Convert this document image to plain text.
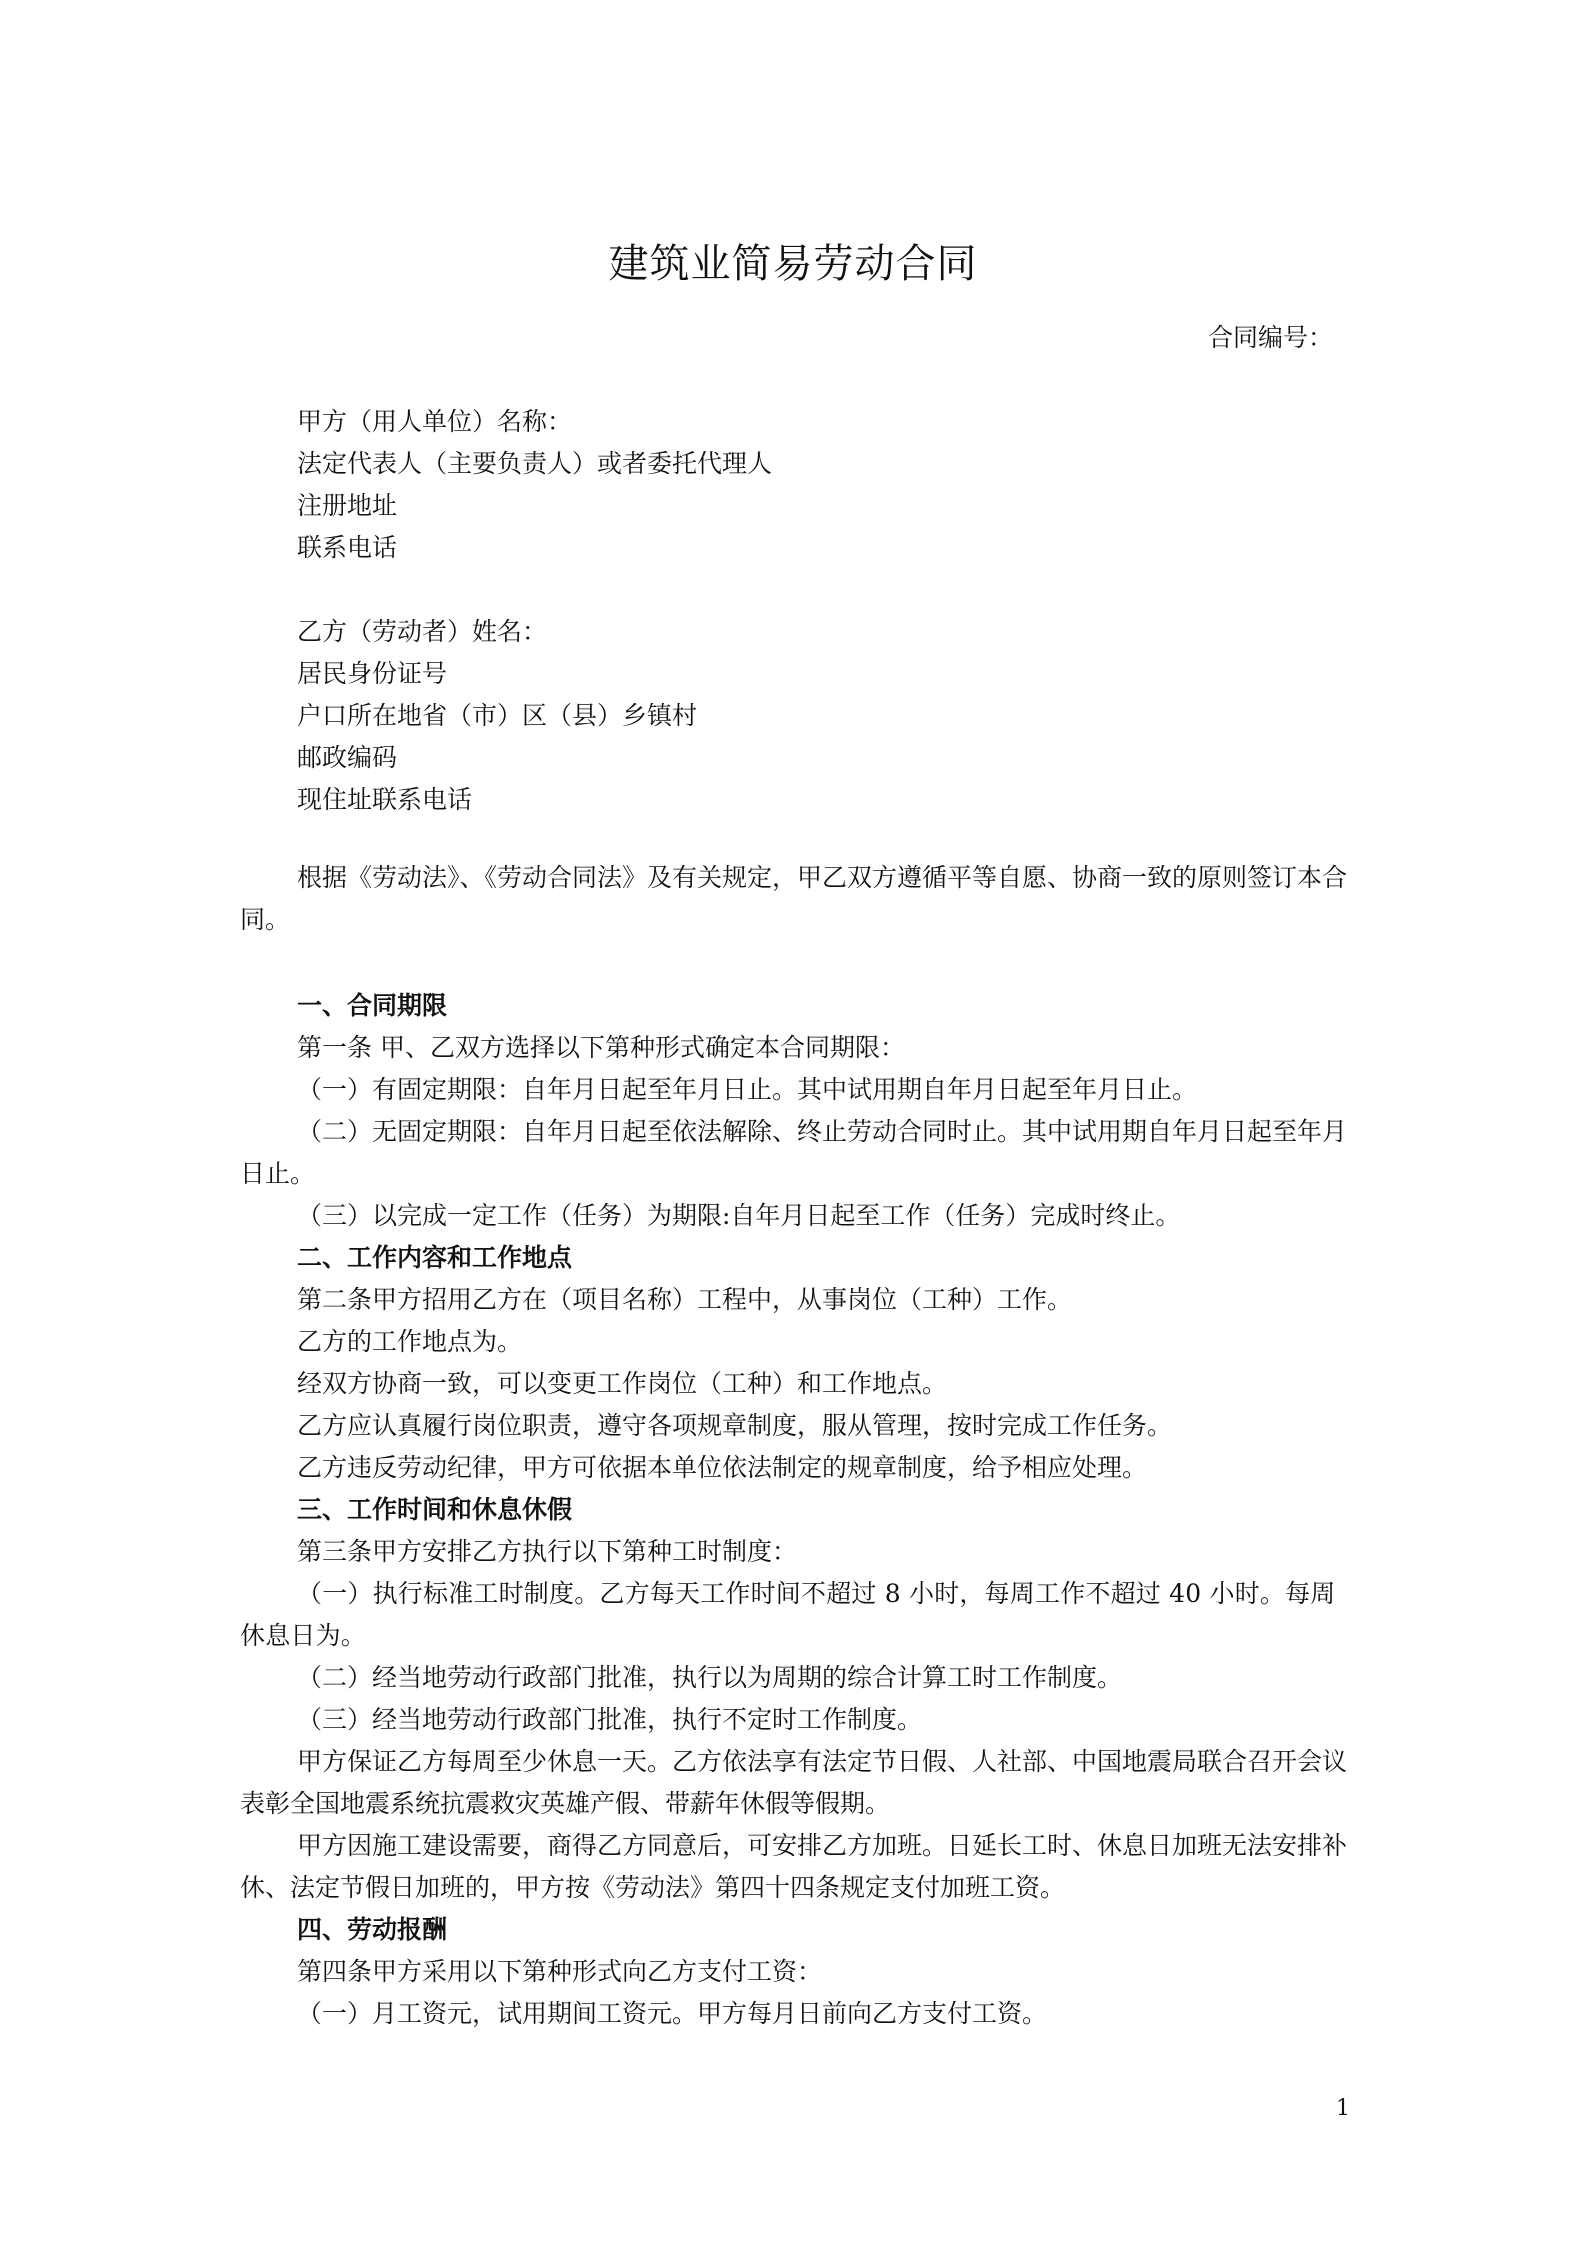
建筑业简易劳动合同
合同编号：
甲方（用人单位）名称：
法定代表人（主要负责人）或者委托代理人
注册地址
联系电话
乙方（劳动者）姓名：
居民身份证号
户口所在地省（市）区（县）乡镇村
邮政编码
现住址联系电话
根据《劳动法》、《劳动合同法》及有关规定，甲乙双方遵循平等自愿、协商一致的原则签订本合同。
一、合同期限
第一条 甲、乙双方选择以下第种形式确定本合同期限：
（一）有固定期限：自年月日起至年月日止。其中试用期自年月日起至年月日止。
（二）无固定期限：自年月日起至依法解除、终止劳动合同时止。其中试用期自年月日起至年月日止。
（三）以完成一定工作（任务）为期限:自年月日起至工作（任务）完成时终止。
二、工作内容和工作地点
第二条甲方招用乙方在（项目名称）工程中，从事岗位（工种）工作。
乙方的工作地点为。
经双方协商一致，可以变更工作岗位（工种）和工作地点。
乙方应认真履行岗位职责，遵守各项规章制度，服从管理，按时完成工作任务。
乙方违反劳动纪律，甲方可依据本单位依法制定的规章制度，给予相应处理。
三、工作时间和休息休假
第三条甲方安排乙方执行以下第种工时制度：
（一）执行标准工时制度。乙方每天工作时间不超过 8 小时，每周工作不超过 40 小时。每周休息日为。
（二）经当地劳动行政部门批准，执行以为周期的综合计算工时工作制度。
（三）经当地劳动行政部门批准，执行不定时工作制度。
甲方保证乙方每周至少休息一天。乙方依法享有法定节日假、人社部、中国地震局联合召开会议表彰全国地震系统抗震救灾英雄产假、带薪年休假等假期。
甲方因施工建设需要，商得乙方同意后，可安排乙方加班。日延长工时、休息日加班无法安排补休、法定节假日加班的，甲方按《劳动法》第四十四条规定支付加班工资。
四、劳动报酬
第四条甲方采用以下第种形式向乙方支付工资：
（一）月工资元，试用期间工资元。甲方每月日前向乙方支付工资。
1
